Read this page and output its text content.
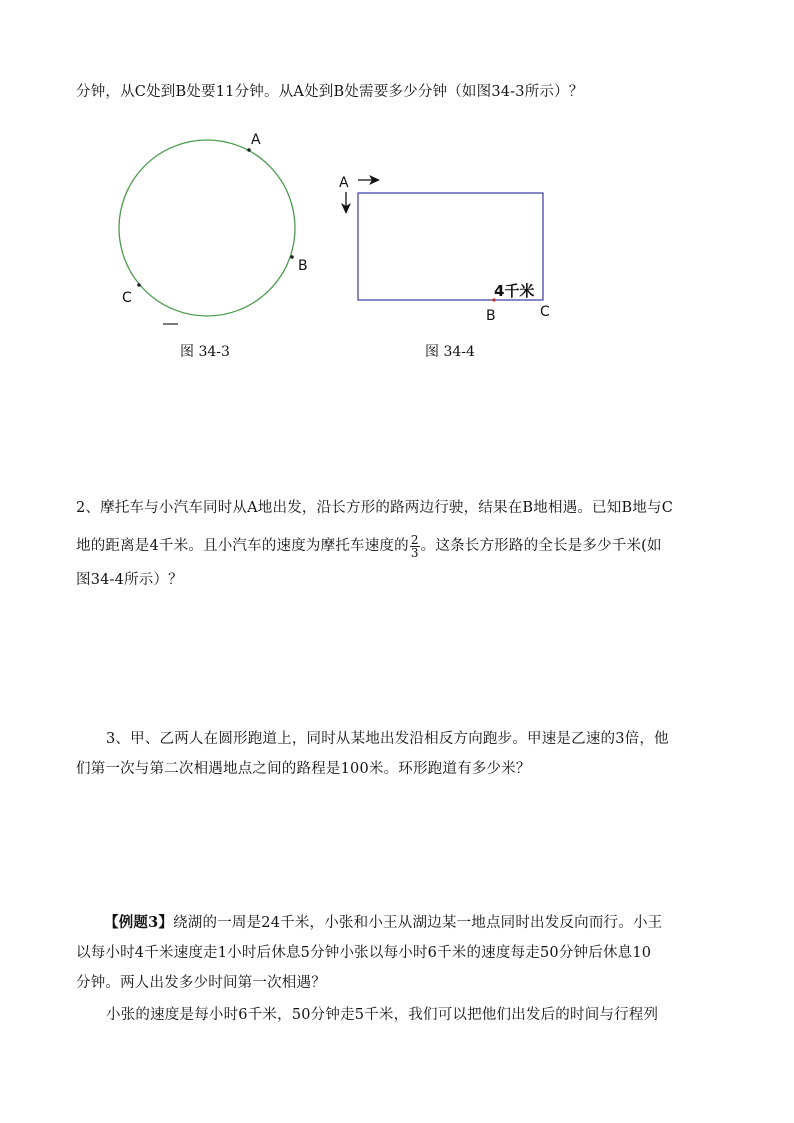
分钟，从C处到B处要11分钟。从A处到B处需要多少分钟（如图34-3所示）？
A
B
C
A
4千米
B	C
图 34-3	图 34-4
2、摩托车与小汽车同时从A地出发，沿长方形的路两边行驶，结果在B地相遇。已知B地与C
地的距离是4千米。且小汽车的速度为摩托车速度的 $\frac{2}{3}$ 。这条长方形路的全长是多少千米(如
图34-4所示）？
3、甲、乙两人在圆形跑道上，同时从某地出发沿相反方向跑步。甲速是乙速的3倍，他
们第一次与第二次相遇地点之间的路程是100米。环形跑道有多少米？
【例题3】绕湖的一周是24千米，小张和小王从湖边某一地点同时出发反向而行。小王
以每小时4千米速度走1小时后休息5分钟小张以每小时6千米的速度每走50分钟后休息10
分钟。两人出发多少时间第一次相遇？
小张的速度是每小时6千米，50分钟走5千米，我们可以把他们出发后的时间与行程列
